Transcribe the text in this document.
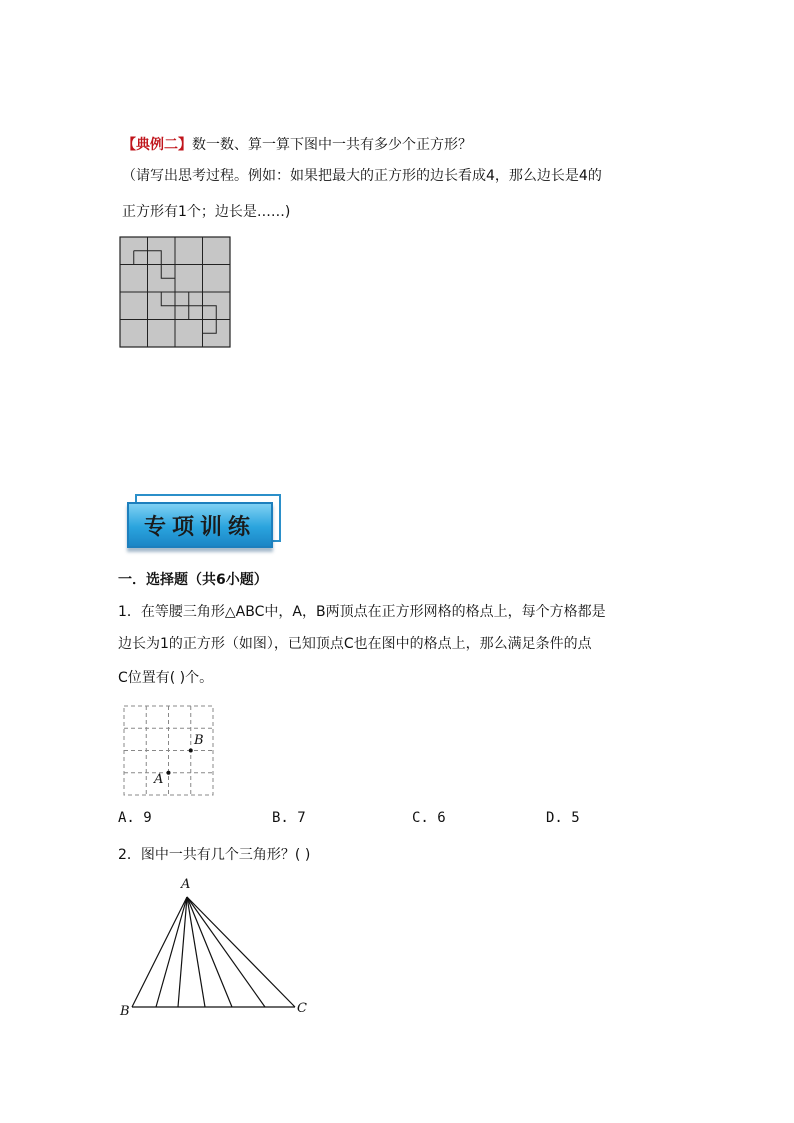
【典例二】数一数、算一算下图中一共有多少个正方形？
（请写出思考过程。例如：如果把最大的正方形的边长看成4，那么边长是4的
正方形有1个；边长是……)
专项训练
一．选择题（共6小题）
1．在等腰三角形△ABC中，A，B两顶点在正方形网格的格点上，每个方格都是
边长为1的正方形（如图），已知顶点C也在图中的格点上，那么满足条件的点
C位置有( )个。
A
B
A. 9	B. 7	C. 6	D. 5
2．图中一共有几个三角形？( )
A
B	C
